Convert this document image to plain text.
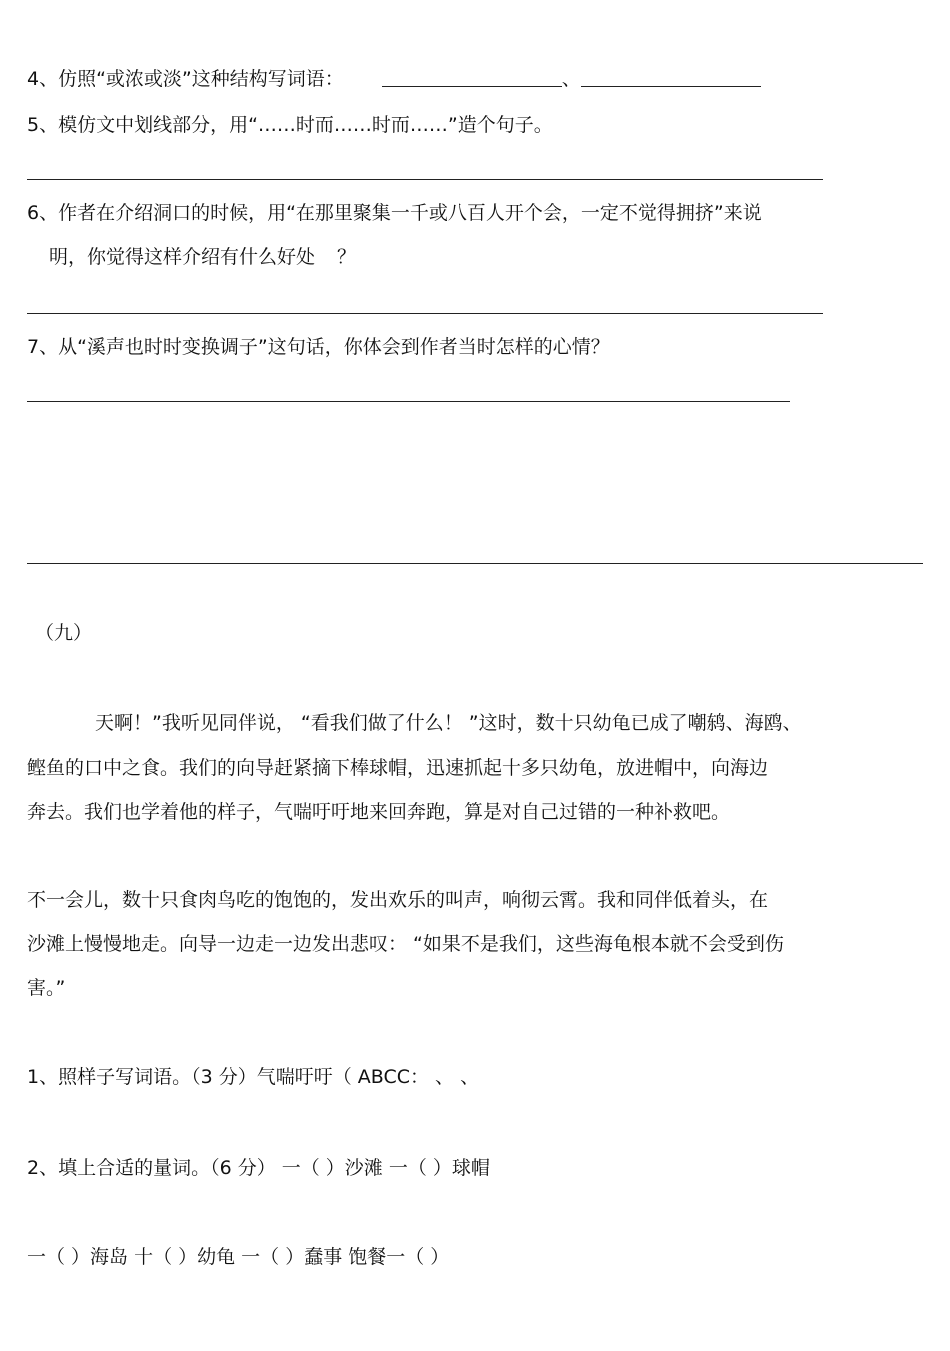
4、仿照“或浓或淡”这种结构写词语：	、
5、模仿文中划线部分，用“……时而……时而……”造个句子。
6、作者在介绍洞口的时候，用“在那里聚集一千或八百人开个会，一定不觉得拥挤”来说
明，你觉得这样介绍有什么好处 ？
7、从“溪声也时时变换调子”这句话，你体会到作者当时怎样的心情？
（九）
天啊！”我听见同伴说， “看我们做了什么！ ”这时，数十只幼龟已成了嘲鸫、海鸥、
鲣鱼的口中之食。我们的向导赶紧摘下棒球帽，迅速抓起十多只幼龟，放进帽中，向海边
奔去。我们也学着他的样子，气喘吁吁地来回奔跑，算是对自己过错的一种补救吧。
不一会儿，数十只食肉鸟吃的饱饱的，发出欢乐的叫声，响彻云霄。我和同伴低着头，在
沙滩上慢慢地走。向导一边走一边发出悲叹： “如果不是我们，这些海龟根本就不会受到伤
害。”
1、照样子写词语。（3 分）气喘吁吁（ ABCC： 、 、
2、填上合适的量词。（6 分） 一（ ）沙滩 一（ ）球帽
一（ ）海岛 十（ ）幼龟 一（ ）蠢事 饱餐一（ ）
